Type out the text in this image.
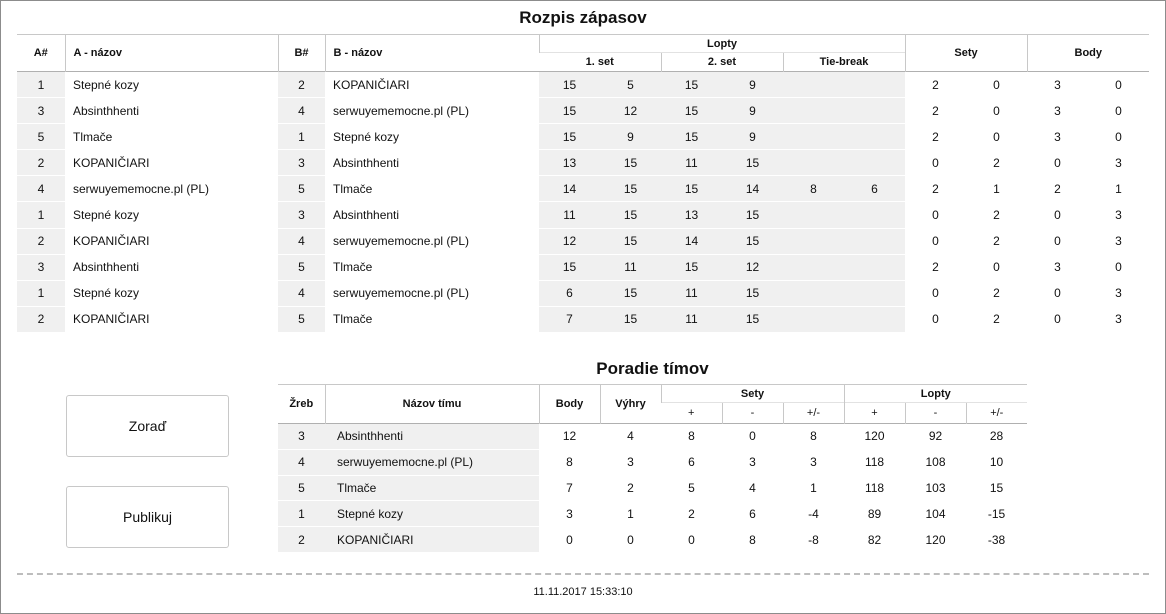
Rozpis zápasov
A#	A - názov	B#	B - názov	Lopty						Sety		Body	
				1. set		2. set		Tie-break					
1	Stepné kozy	2	KOPANIČIARI	15	5	15	9			2	0	3	0
3	Absinthhenti	4	serwuyememocne.pl (PL)	15	12	15	9			2	0	3	0
5	Tlmače	1	Stepné kozy	15	9	15	9			2	0	3	0
2	KOPANIČIARI	3	Absinthhenti	13	15	11	15			0	2	0	3
4	serwuyememocne.pl (PL)	5	Tlmače	14	15	15	14	8	6	2	1	2	1
1	Stepné kozy	3	Absinthhenti	11	15	13	15			0	2	0	3
2	KOPANIČIARI	4	serwuyememocne.pl (PL)	12	15	14	15			0	2	0	3
3	Absinthhenti	5	Tlmače	15	11	15	12			2	0	3	0
1	Stepné kozy	4	serwuyememocne.pl (PL)	6	15	11	15			0	2	0	3
2	KOPANIČIARI	5	Tlmače	7	15	11	15			0	2	0	3
Poradie tímov
Žreb	Názov tímu	Body	Výhry	Sety			Lopty		
				+	-	+/-	+	-	+/-
3	Absinthhenti	12	4	8	0	8	120	92	28
4	serwuyememocne.pl (PL)	8	3	6	3	3	118	108	10
5	Tlmače	7	2	5	4	1	118	103	15
1	Stepné kozy	3	1	2	6	-4	89	104	-15
2	KOPANIČIARI	0	0	0	8	-8	82	120	-38
Zoraď
Publikuj
11.11.2017 15:33:10
